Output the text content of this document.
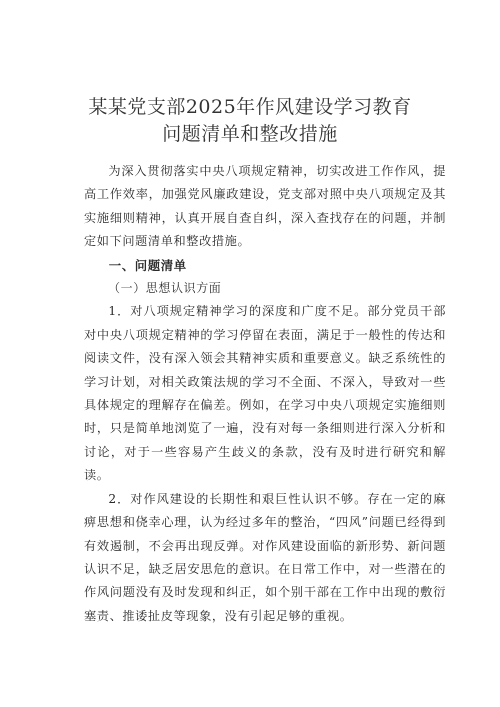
某某党支部2025年作风建设学习教育
问题清单和整改措施

为深入贯彻落实中央八项规定精神，切实改进工作作风，提高工作效率，加强党风廉政建设，党支部对照中央八项规定及其实施细则精神，认真开展自查自纠，深入查找存在的问题，并制定如下问题清单和整改措施。

一、问题清单

（一）思想认识方面

1．对八项规定精神学习的深度和广度不足。部分党员干部对中央八项规定精神的学习停留在表面，满足于一般性的传达和阅读文件，没有深入领会其精神实质和重要意义。缺乏系统性的学习计划，对相关政策法规的学习不全面、不深入，导致对一些具体规定的理解存在偏差。例如，在学习中央八项规定实施细则时，只是简单地浏览了一遍，没有对每一条细则进行深入分析和讨论，对于一些容易产生歧义的条款，没有及时进行研究和解读。

2．对作风建设的长期性和艰巨性认识不够。存在一定的麻痹思想和侥幸心理，认为经过多年的整治，“四风”问题已经得到有效遏制，不会再出现反弹。对作风建设面临的新形势、新问题认识不足，缺乏居安思危的意识。在日常工作中，对一些潜在的作风问题没有及时发现和纠正，如个别干部在工作中出现的敷衍塞责、推诿扯皮等现象，没有引起足够的重视。
